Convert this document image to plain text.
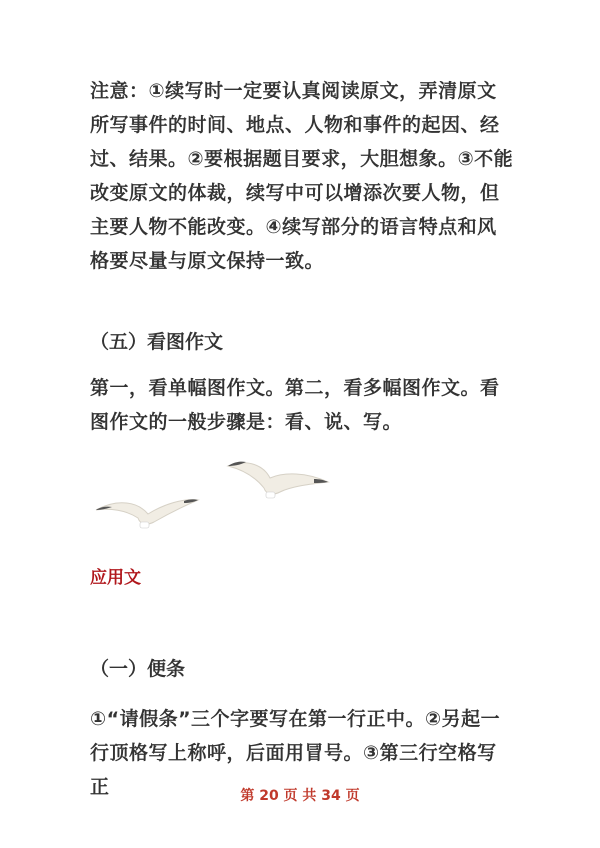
注意：①续写时一定要认真阅读原文，弄清原文所写事件的时间、地点、人物和事件的起因、经过、结果。②要根据题目要求，大胆想象。③不能改变原文的体裁，续写中可以增添次要人物，但主要人物不能改变。④续写部分的语言特点和风格要尽量与原文保持一致。

（五）看图作文

第一，看单幅图作文。第二，看多幅图作文。看图作文的一般步骤是：看、说、写。

应用文

（一）便条

①“请假条”三个字要写在第一行正中。②另起一行顶格写上称呼，后面用冒号。③第三行空格写正	第 20 页 共 34 页
